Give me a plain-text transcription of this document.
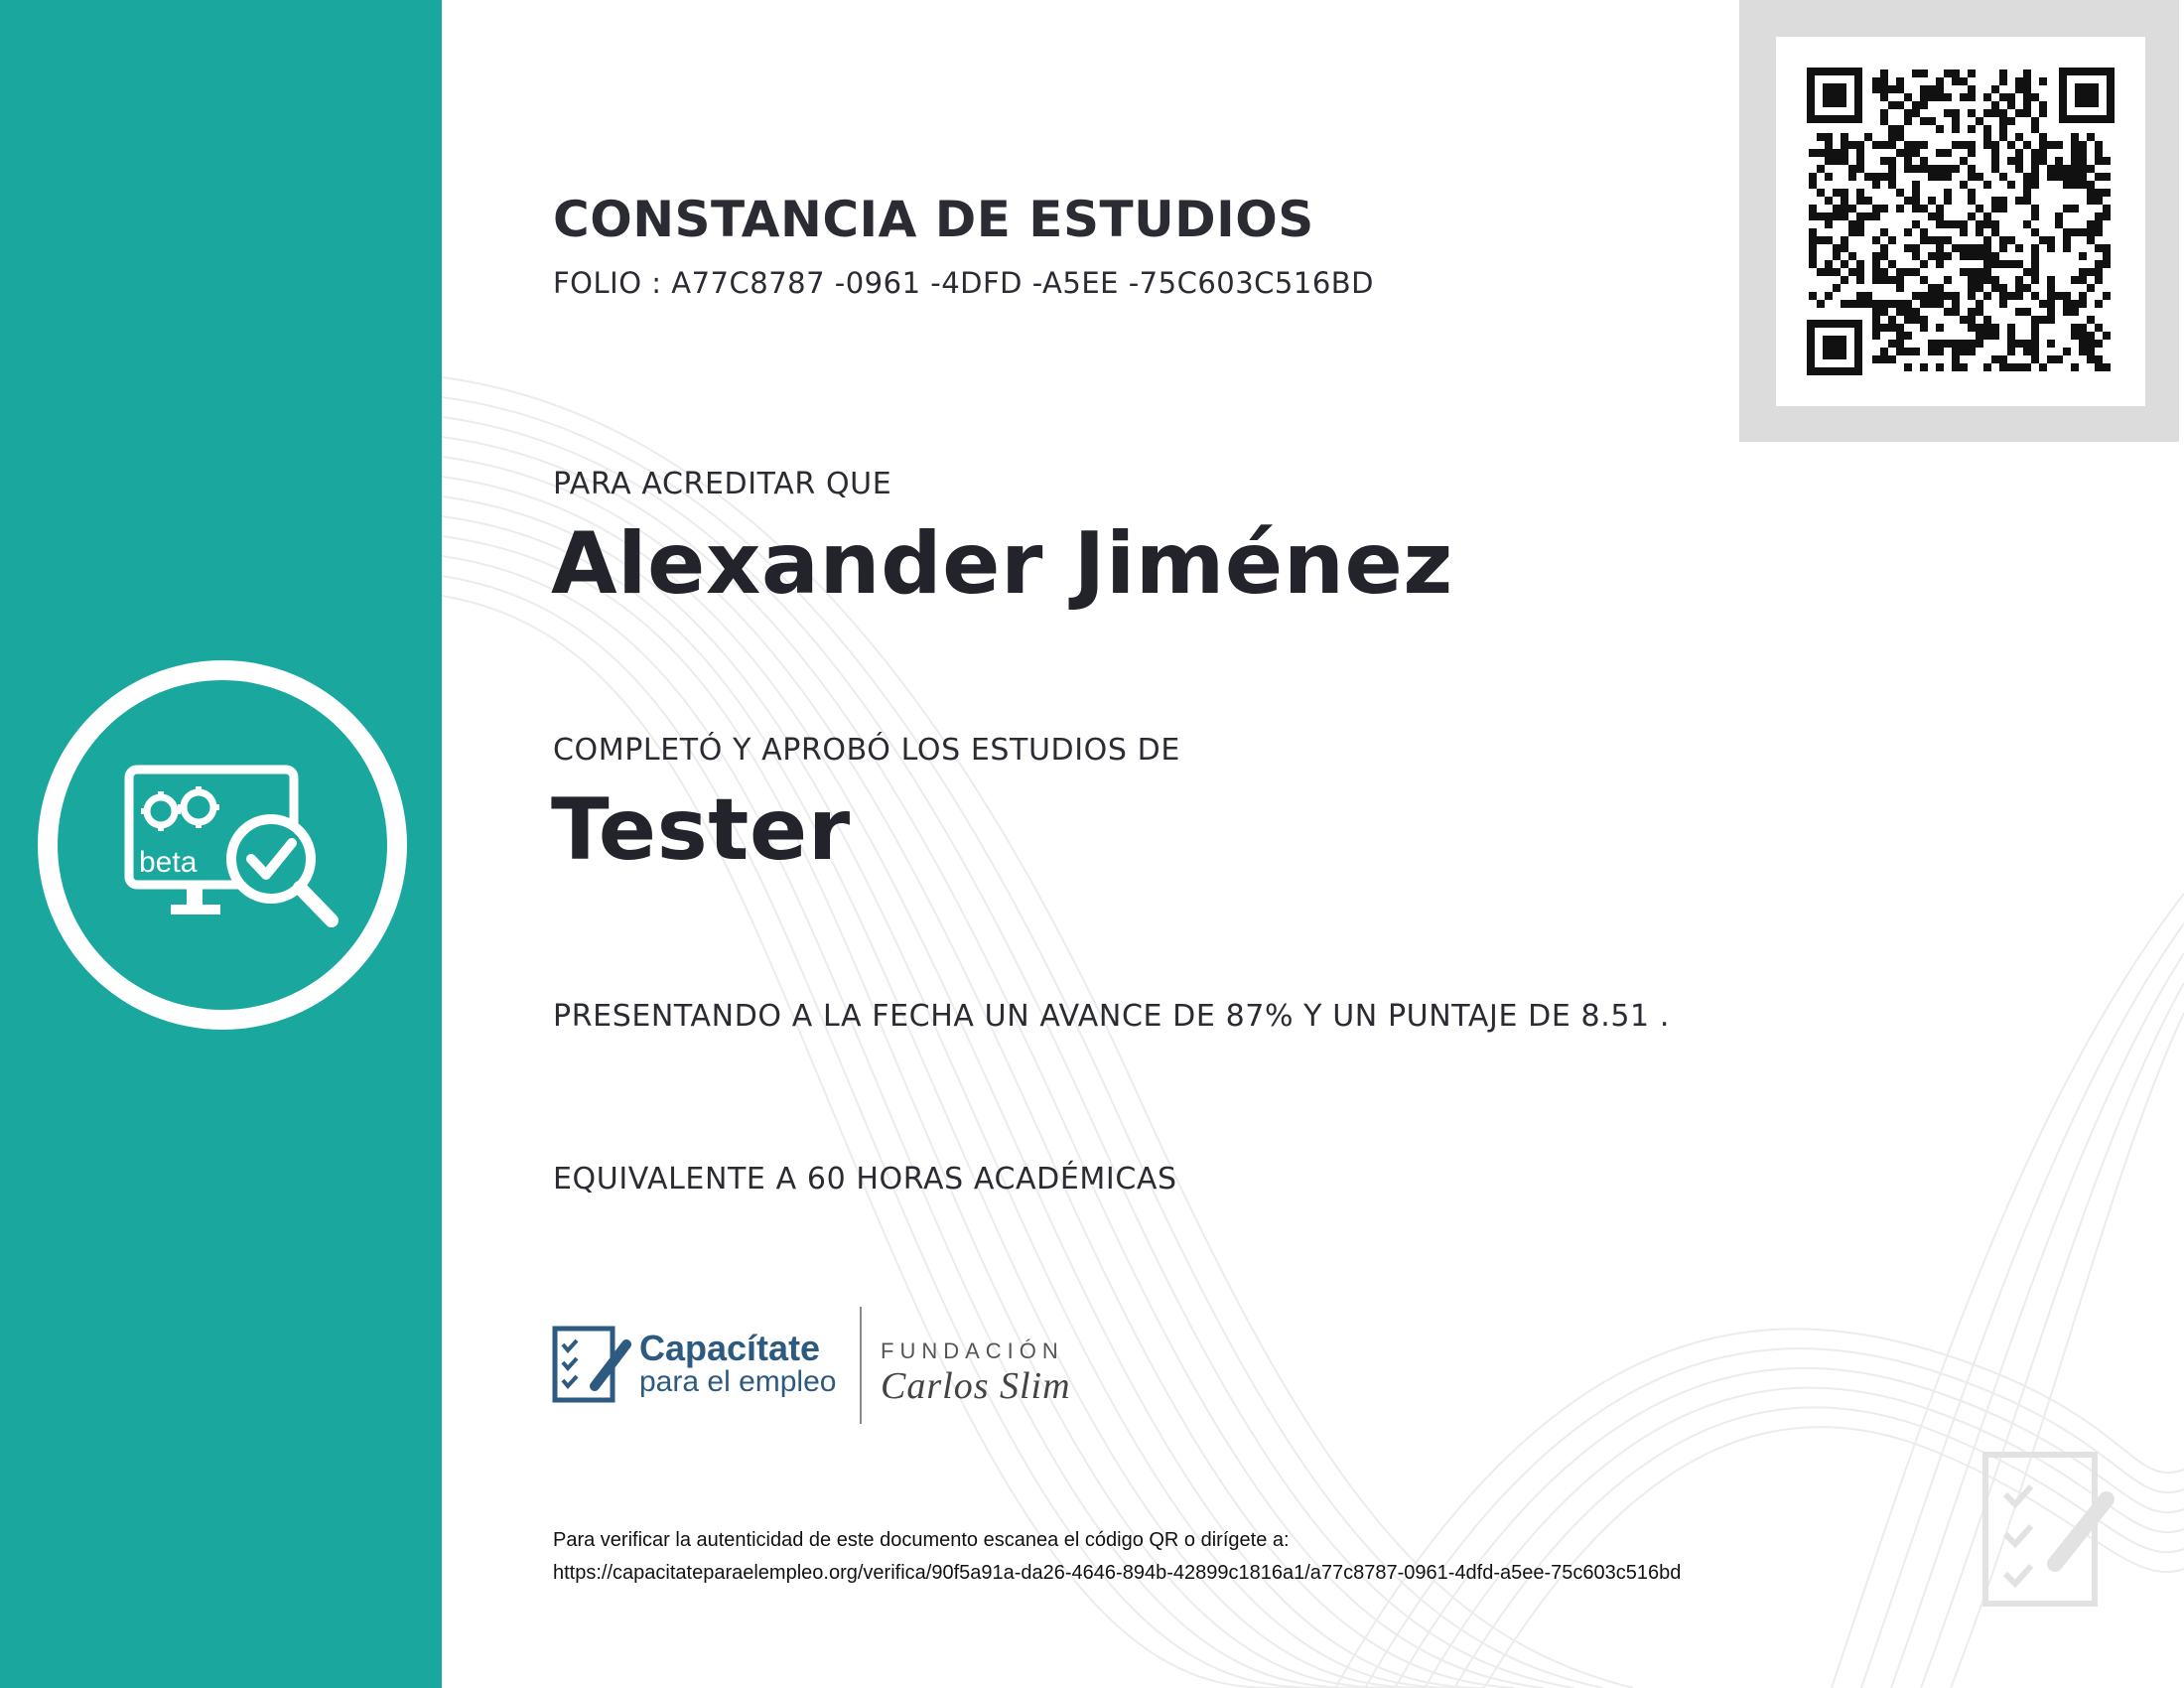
beta
CONSTANCIA DE ESTUDIOS
FOLIO : A77C8787 -0961 -4DFD -A5EE -75C603C516BD
PARA ACREDITAR QUE
Alexander Jiménez
COMPLETÓ Y APROBÓ LOS ESTUDIOS DE
Tester
PRESENTANDO A LA FECHA UN AVANCE DE 87% Y UN PUNTAJE DE 8.51 .
EQUIVALENTE A 60 HORAS ACADÉMICAS
Capacítate
para el empleo
FUNDACIÓN
Carlos Slim
Para verificar la autenticidad de este documento escanea el código QR o dirígete a:
https://capacitateparaelempleo.org/verifica/90f5a91a-da26-4646-894b-42899c1816a1/a77c8787-0961-4dfd-a5ee-75c603c516bd
